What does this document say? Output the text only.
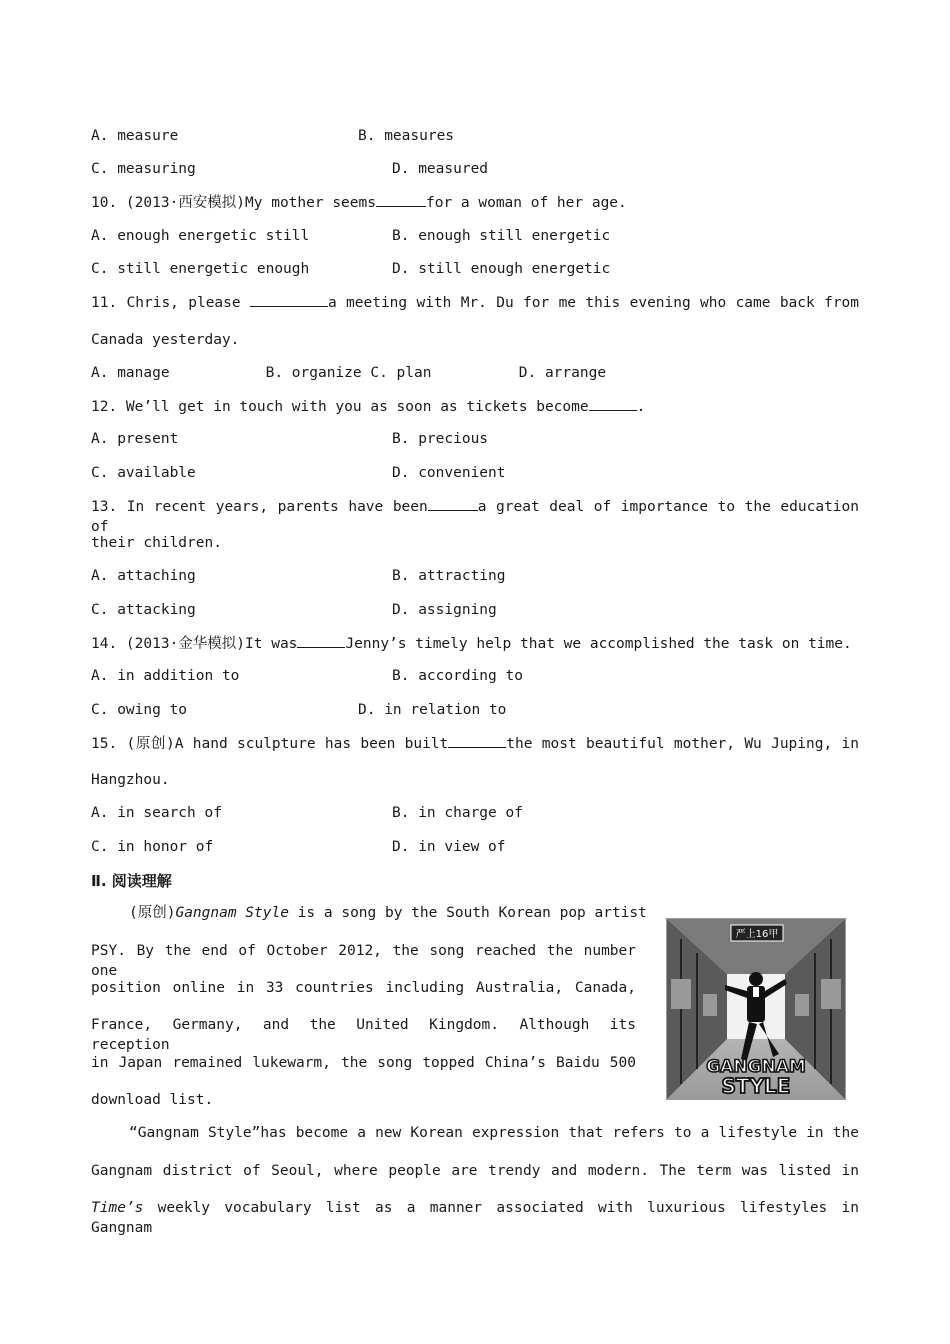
A. measure	B. measures
C. measuring	D. measured
10. (2013·西安模拟)My mother seems	for a woman of her age.
A. enough energetic still	B. enough still energetic
C. still energetic enough	D. still enough energetic
11. Chris, please	a meeting with Mr. Du for me this evening who came back from
Canada yesterday.
A. manage           B. organize C. plan          D. arrange
12. We’ll get in touch with you as soon as tickets become	.
A. present	B. precious
C. available	D. convenient
13. In recent years, parents have been	a great deal of importance to the education of
their children.
A. attaching	B. attracting
C. attacking	D. assigning
14. (2013·金华模拟)It was	Jenny’s timely help that we accomplished the task on time.
A. in addition to	B. according to
C. owing to	D. in relation to
15. (原创)A hand sculpture has been built	the most beautiful mother, Wu Juping, in
Hangzhou.
A. in search of	B. in charge of
C. in honor of	D. in view of
Ⅱ. 阅读理解
(原创)Gangnam Style is a song by the South Korean pop artist
PSY. By the end of October 2012, the song reached the number one
position online in 33 countries including Australia, Canada,
France, Germany, and the United Kingdom. Although its reception
in Japan remained lukewarm, the song topped China’s Baidu 500
download list.
严上16甲
GANGNAM
STYLE
“Gangnam Style”has become a new Korean expression that refers to a lifestyle in the
Gangnam district of Seoul, where people are trendy and modern. The term was listed in
Time’s weekly vocabulary list as a manner associated with luxurious lifestyles in Gangnam
